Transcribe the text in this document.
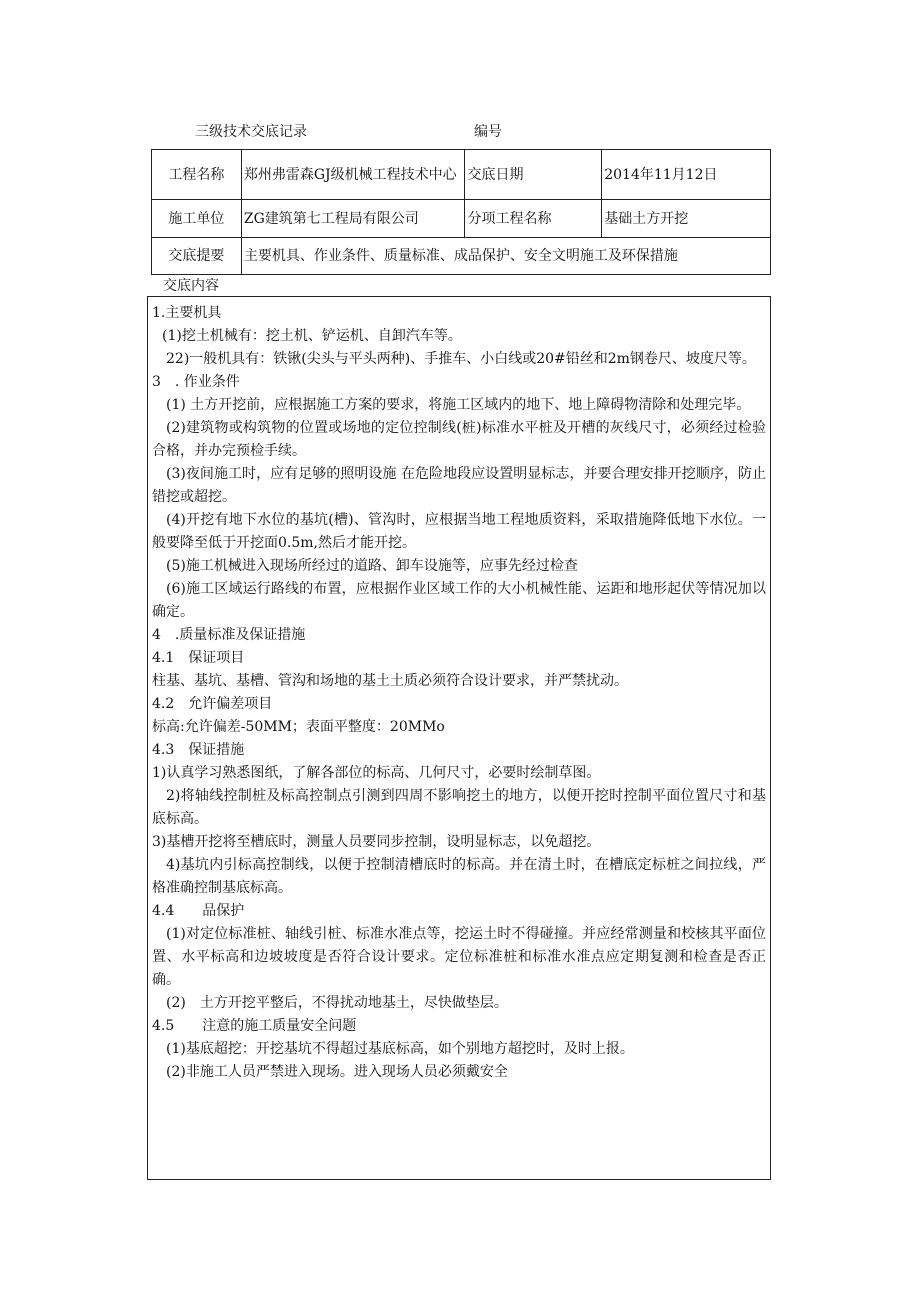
三级技术交底记录	编号
工程名称	郑州弗雷森GJ级机械工程技术中心	交底日期	2014年11月12日
施工单位	ZG建筑第七工程局有限公司	分项工程名称	基础土方开挖
交底提要	主要机具、作业条件、质量标准、成品保护、安全文明施工及环保措施		
交底内容

1.主要机具

(1)挖土机械有：挖土机、铲运机、自卸汽车等。

22)一般机具有：铁锹(尖头与平头两种)、手推车、小白线或20#铅丝和2m钢卷尺、坡度尺等。

3　. 作业条件

(1) 土方开挖前，应根据施工方案的要求，将施工区域内的地下、地上障碍物清除和处理完毕。

(2)建筑物或构筑物的位置或场地的定位控制线(桩)标准水平桩及开槽的灰线尺寸，必须经过检验合格，并办完预检手续。

(3)夜间施工时，应有足够的照明设施 在危险地段应设置明显标志，并要合理安排开挖顺序，防止错挖或超挖。

(4)开挖有地下水位的基坑(槽)、管沟时，应根据当地工程地质资料，采取措施降低地下水位。一般要降至低于开挖面0.5m,然后才能开挖。

(5)施工机械进入现场所经过的道路、卸车设施等，应事先经过检查

(6)施工区域运行路线的布置，应根据作业区域工作的大小机械性能、运距和地形起伏等情况加以确定。

4　.质量标准及保证措施

4.1　保证项目

柱基、基坑、基槽、管沟和场地的基土土质必须符合设计要求，并严禁扰动。

4.2　允许偏差项目

标高:允许偏差-50MM；表面平整度：20MMo

4.3　保证措施

1)认真学习熟悉图纸，了解各部位的标高、几何尺寸，必要时绘制草图。

2)将轴线控制桩及标高控制点引测到四周不影响挖土的地方，以便开挖时控制平面位置尺寸和基底标高。

3)基槽开挖将至槽底时，测量人员要同步控制，设明显标志，以免超挖。

4)基坑内引标高控制线，以便于控制清槽底时的标高。并在清土时，在槽底定标桩之间拉线，严格准确控制基底标高。

4.4　　品保护

(1)对定位标准桩、轴线引桩、标准水准点等，挖运土时不得碰撞。并应经常测量和校核其平面位置、水平标高和边坡坡度是否符合设计要求。定位标准桩和标准水准点应定期复测和检查是否正确。

(2)　土方开挖平整后，不得扰动地基土，尽快做垫层。

4.5　　注意的施工质量安全问题

(1)基底超挖：开挖基坑不得超过基底标高，如个别地方超挖时，及时上报。

(2)非施工人员严禁进入现场。进入现场人员必须戴安全
